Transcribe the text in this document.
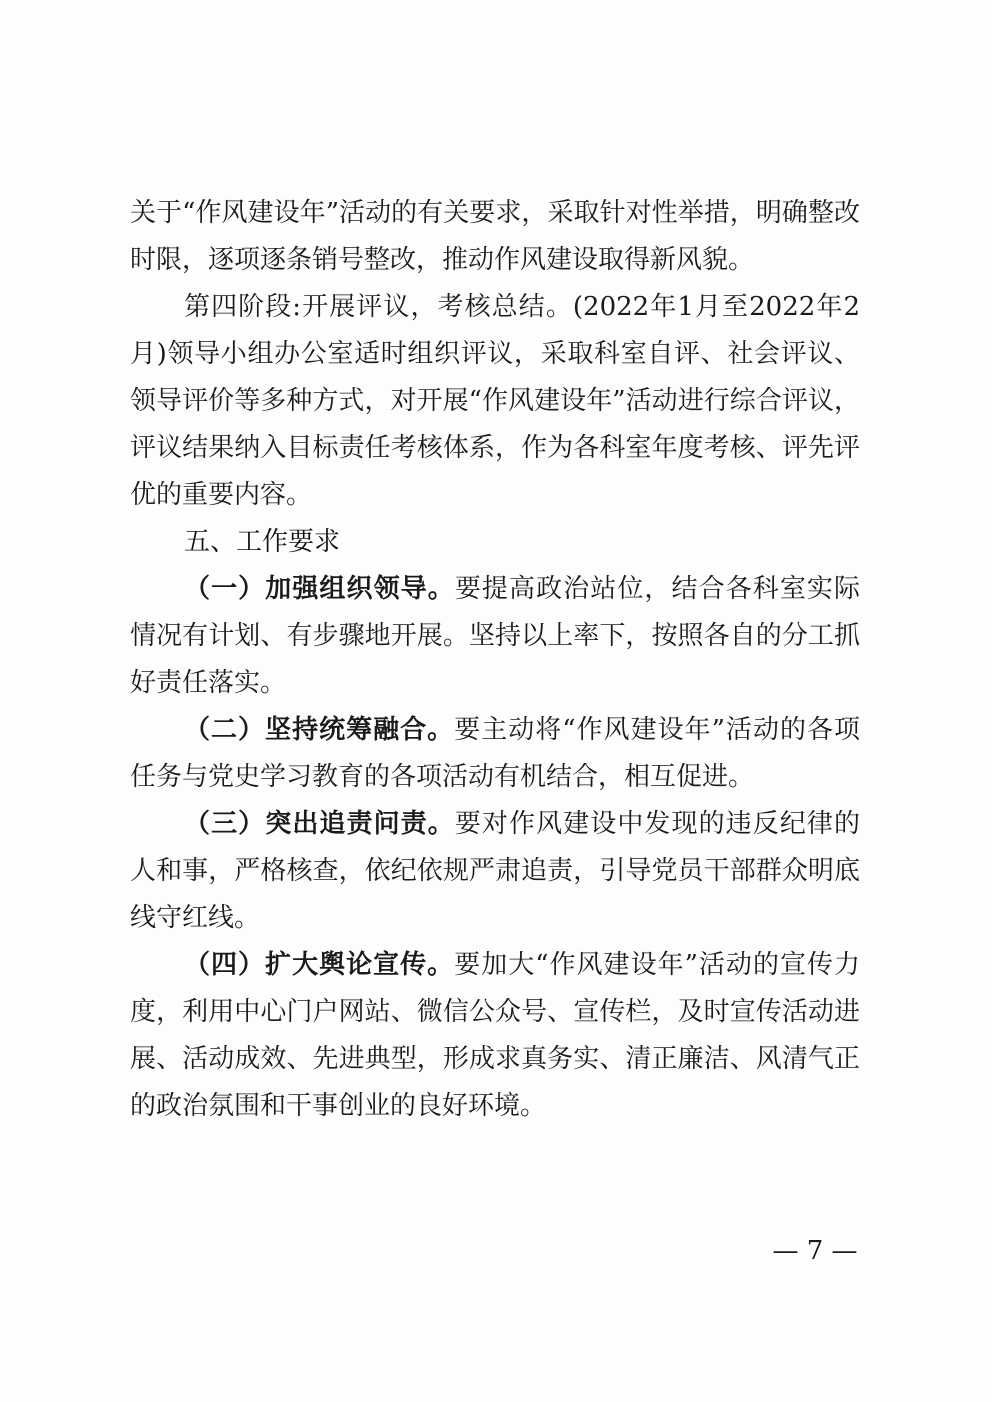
关于“作风建设年”活动的有关要求，采取针对性举措，明确整改时限，逐项逐条销号整改，推动作风建设取得新风貌。

第四阶段:开展评议，考核总结。(2022年1月至2022年2月)领导小组办公室适时组织评议，采取科室自评、社会评议、领导评价等多种方式，对开展“作风建设年”活动进行综合评议，评议结果纳入目标责任考核体系，作为各科室年度考核、评先评优的重要内容。

五、工作要求

（一）加强组织领导。要提高政治站位，结合各科室实际情况有计划、有步骤地开展。坚持以上率下，按照各自的分工抓好责任落实。

（二）坚持统筹融合。要主动将“作风建设年”活动的各项任务与党史学习教育的各项活动有机结合，相互促进。

（三）突出追责问责。要对作风建设中发现的违反纪律的人和事，严格核查，依纪依规严肃追责，引导党员干部群众明底线守红线。

（四）扩大舆论宣传。要加大“作风建设年”活动的宣传力度，利用中心门户网站、微信公众号、宣传栏，及时宣传活动进展、活动成效、先进典型，形成求真务实、清正廉洁、风清气正的政治氛围和干事创业的良好环境。

— 7 —
